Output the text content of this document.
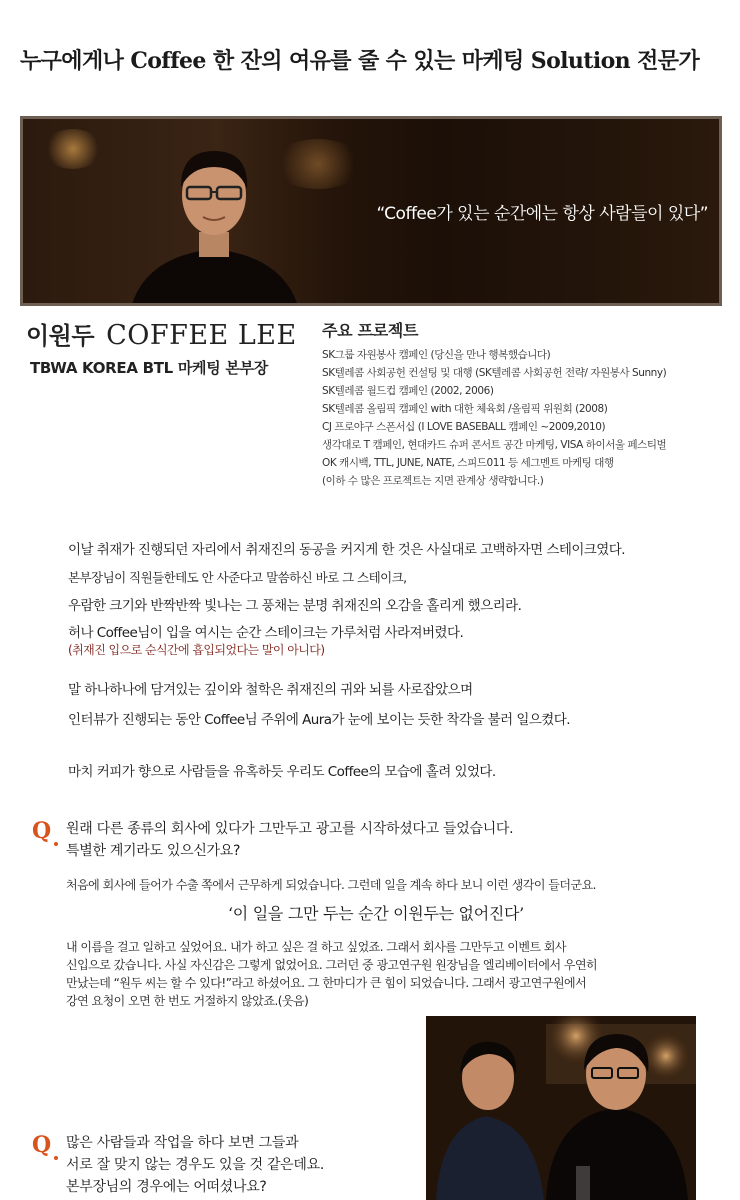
누구에게나 Coffee 한 잔의 여유를 줄 수 있는 마케팅 Solution 전문가
“Coffee가 있는 순간에는 항상 사람들이 있다”
이원두 COFFEE LEE
TBWA KOREA BTL 마케팅 본부장
주요 프로젝트
SK그룹 자원봉사 캠페인 (당신을 만나 행복했습니다)
SK텔레콤 사회공헌 컨설팅 및 대행 (SK텔레콤 사회공헌 전략/ 자원봉사 Sunny)
SK텔레콤 월드컵 캠페인 (2002, 2006)
SK텔레콤 올림픽 캠페인 with 대한 체육회 /올림픽 위원회 (2008)
CJ 프로야구 스폰서십 (I LOVE BASEBALL 캠페인 ~2009,2010)
생각대로 T 캠페인, 현대카드 슈퍼 콘서트 공간 마케팅, VISA 하이서울 페스티벌
OK 캐시백, TTL, JUNE, NATE, 스피드011 등 세그멘트 마케팅 대행
(이하 수 많은 프로젝트는 지면 관계상 생략합니다.)

이날 취재가 진행되던 자리에서 취재진의 동공을 커지게 한 것은 사실대로 고백하자면 스테이크였다.

본부장님이 직원들한테도 안 사준다고 말씀하신 바로 그 스테이크,

우람한 크기와 반짝반짝 빛나는 그 풍채는 분명 취재진의 오감을 홀리게 했으리라.

허나 Coffee님이 입을 여시는 순간 스테이크는 가루처럼 사라져버렸다.

(취재진 입으로 순식간에 흡입되었다는 말이 아니다)

말 하나하나에 담겨있는 깊이와 철학은 취재진의 귀와 뇌를 사로잡았으며

인터뷰가 진행되는 동안 Coffee님 주위에 Aura가 눈에 보이는 듯한 착각을 불러 일으켰다.

마치 커피가 향으로 사람들을 유혹하듯 우리도 Coffee의 모습에 홀려 있었다.

Q	원래 다른 종류의 회사에 있다가 그만두고 광고를 시작하셨다고 들었습니다.
특별한 계기라도 있으신가요?

처음에 회사에 들어가 수출 쪽에서 근무하게 되었습니다. 그런데 일을 계속 하다 보니 이런 생각이 들더군요.

‘이 일을 그만 두는 순간 이원두는 없어진다’

내 이름을 걸고 일하고 싶었어요. 내가 하고 싶은 걸 하고 싶었죠. 그래서 회사를 그만두고 이벤트 회사

신입으로 갔습니다. 사실 자신감은 그렇게 없었어요. 그러던 중 광고연구원 원장님을 엘리베이터에서 우연히

만났는데 “원두 씨는 할 수 있다!”라고 하셨어요. 그 한마디가 큰 힘이 되었습니다. 그래서 광고연구원에서

강연 요청이 오면 한 번도 거절하지 않았죠.(웃음)

Q	많은 사람들과 작업을 하다 보면 그들과
서로 잘 맞지 않는 경우도 있을 것 같은데요.
본부장님의 경우에는 어떠셨나요?
